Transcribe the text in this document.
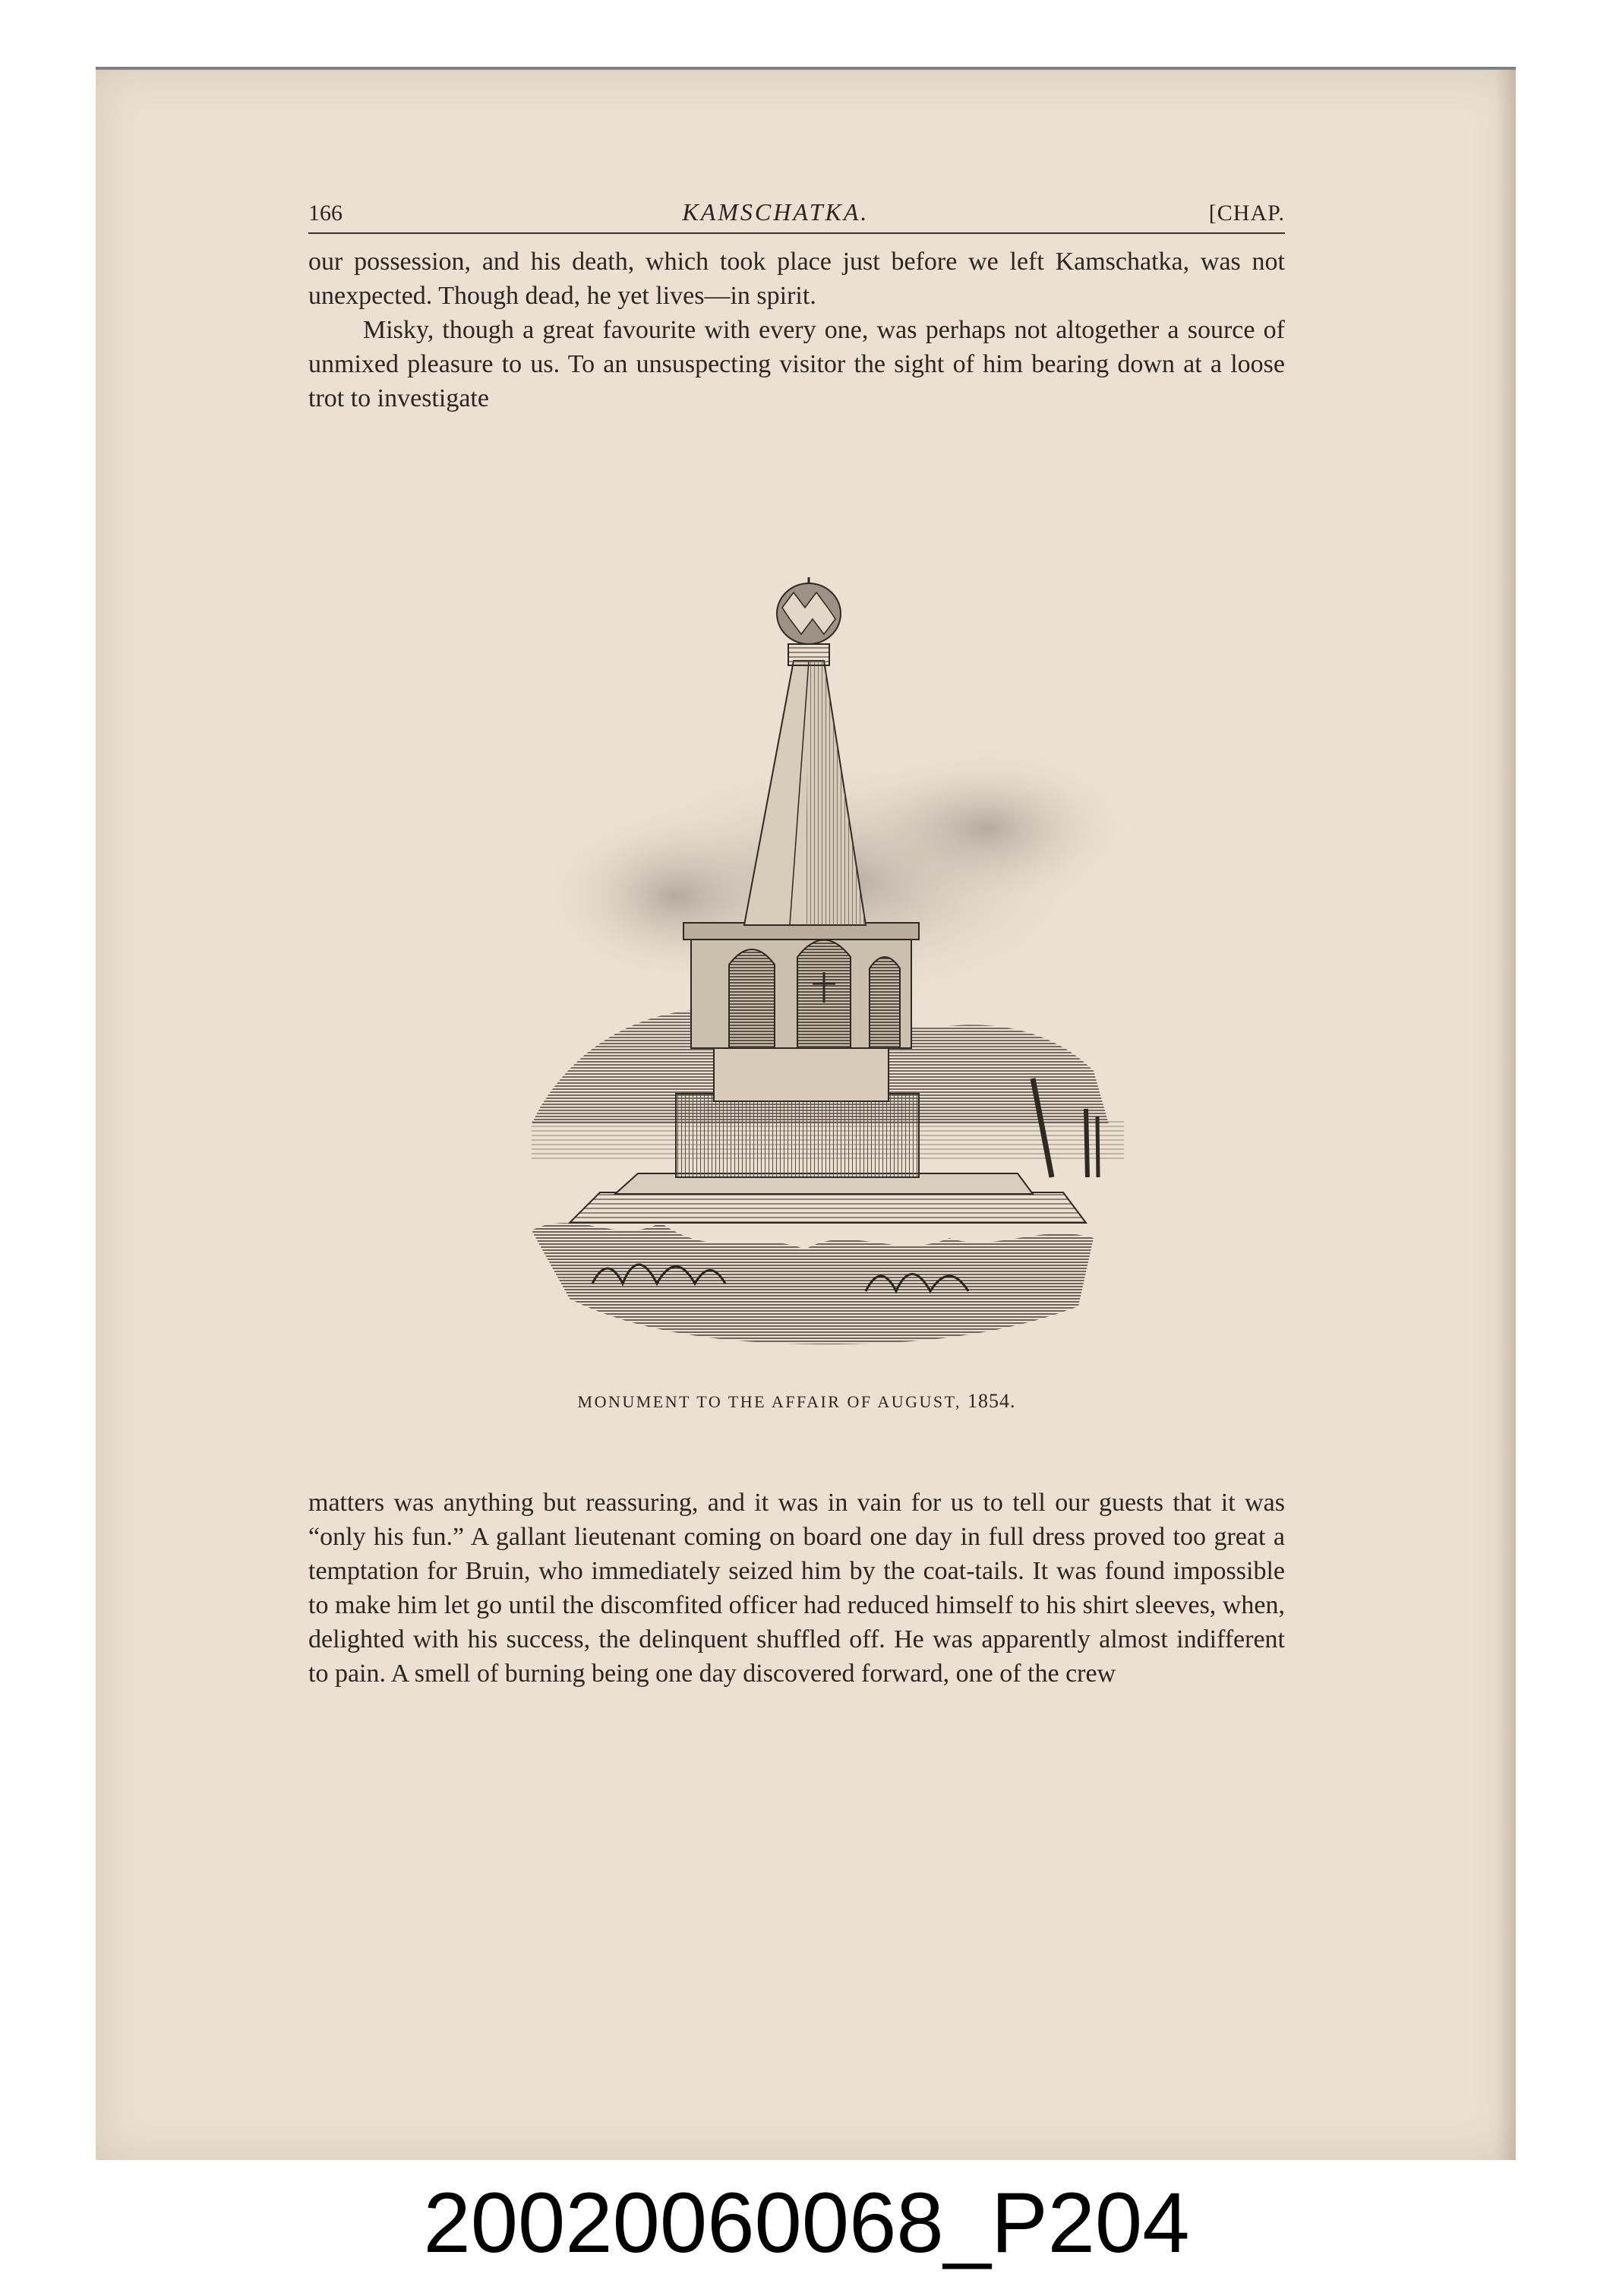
166	KAMSCHATKA.	[CHAP.

our possession, and his death, which took place just before we left Kamschatka, was not unexpected. Though dead, he yet lives—in spirit.

Misky, though a great favourite with every one, was perhaps not altogether a source of unmixed pleasure to us. To an unsuspecting visitor the sight of him bearing down at a loose trot to investigate

MONUMENT TO THE AFFAIR OF AUGUST, 1854.

matters was anything but reassuring, and it was in vain for us to tell our guests that it was “only his fun.” A gallant lieutenant coming on board one day in full dress proved too great a temptation for Bruin, who immediately seized him by the coat-tails. It was found impossible to make him let go until the discomfited officer had reduced himself to his shirt sleeves, when, delighted with his success, the delinquent shuffled off. He was apparently almost indifferent to pain. A smell of burning being one day discovered forward, one of the crew

20020060068_P204
